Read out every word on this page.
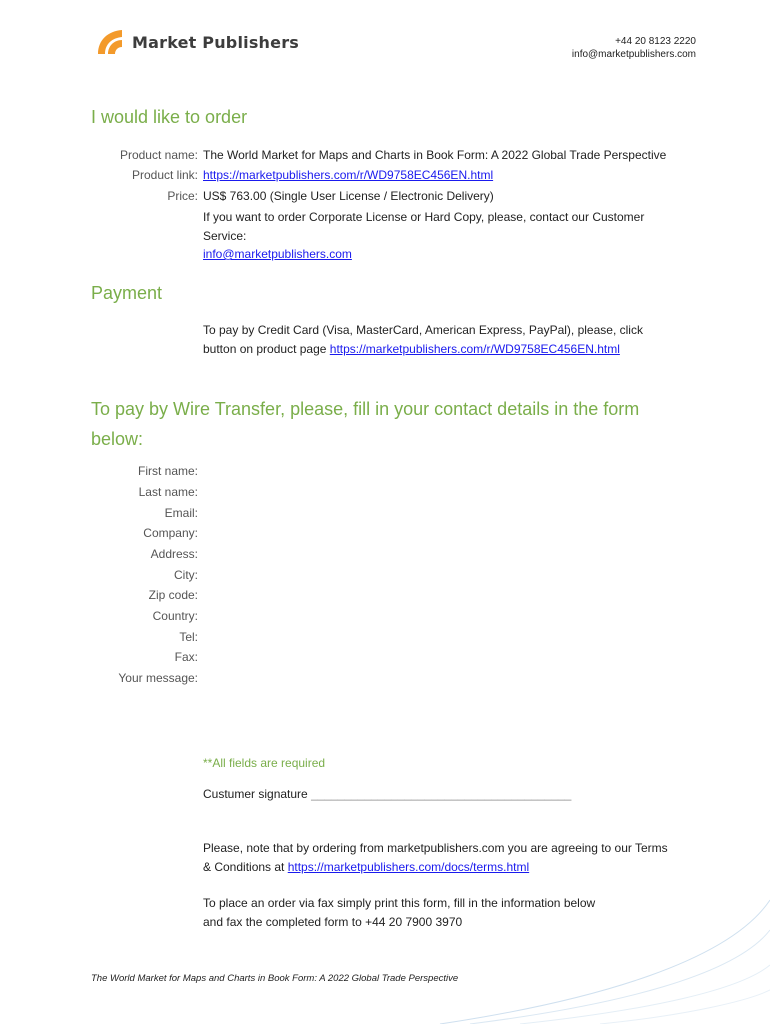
Market Publishers	+44 20 8123 2220
info@marketpublishers.com
I would like to order
Product name: The World Market for Maps and Charts in Book Form: A 2022 Global Trade Perspective
Product link: https://marketpublishers.com/r/WD9758EC456EN.html
Price: US$ 763.00 (Single User License / Electronic Delivery)
If you want to order Corporate License or Hard Copy, please, contact our Customer
Service:
info@marketpublishers.com
Payment
To pay by Credit Card (Visa, MasterCard, American Express, PayPal), please, click
button on product page https://marketpublishers.com/r/WD9758EC456EN.html
To pay by Wire Transfer, please, fill in your contact details in the form
below:
First name:
Last name:
Email:
Company:
Address:
City:
Zip code:
Country:
Tel:
Fax:
Your message:
**All fields are required
Custumer signature _______________________________________
Please, note that by ordering from marketpublishers.com you are agreeing to our Terms
& Conditions at https://marketpublishers.com/docs/terms.html
To place an order via fax simply print this form, fill in the information below
and fax the completed form to +44 20 7900 3970
The World Market for Maps and Charts in Book Form: A 2022 Global Trade Perspective
